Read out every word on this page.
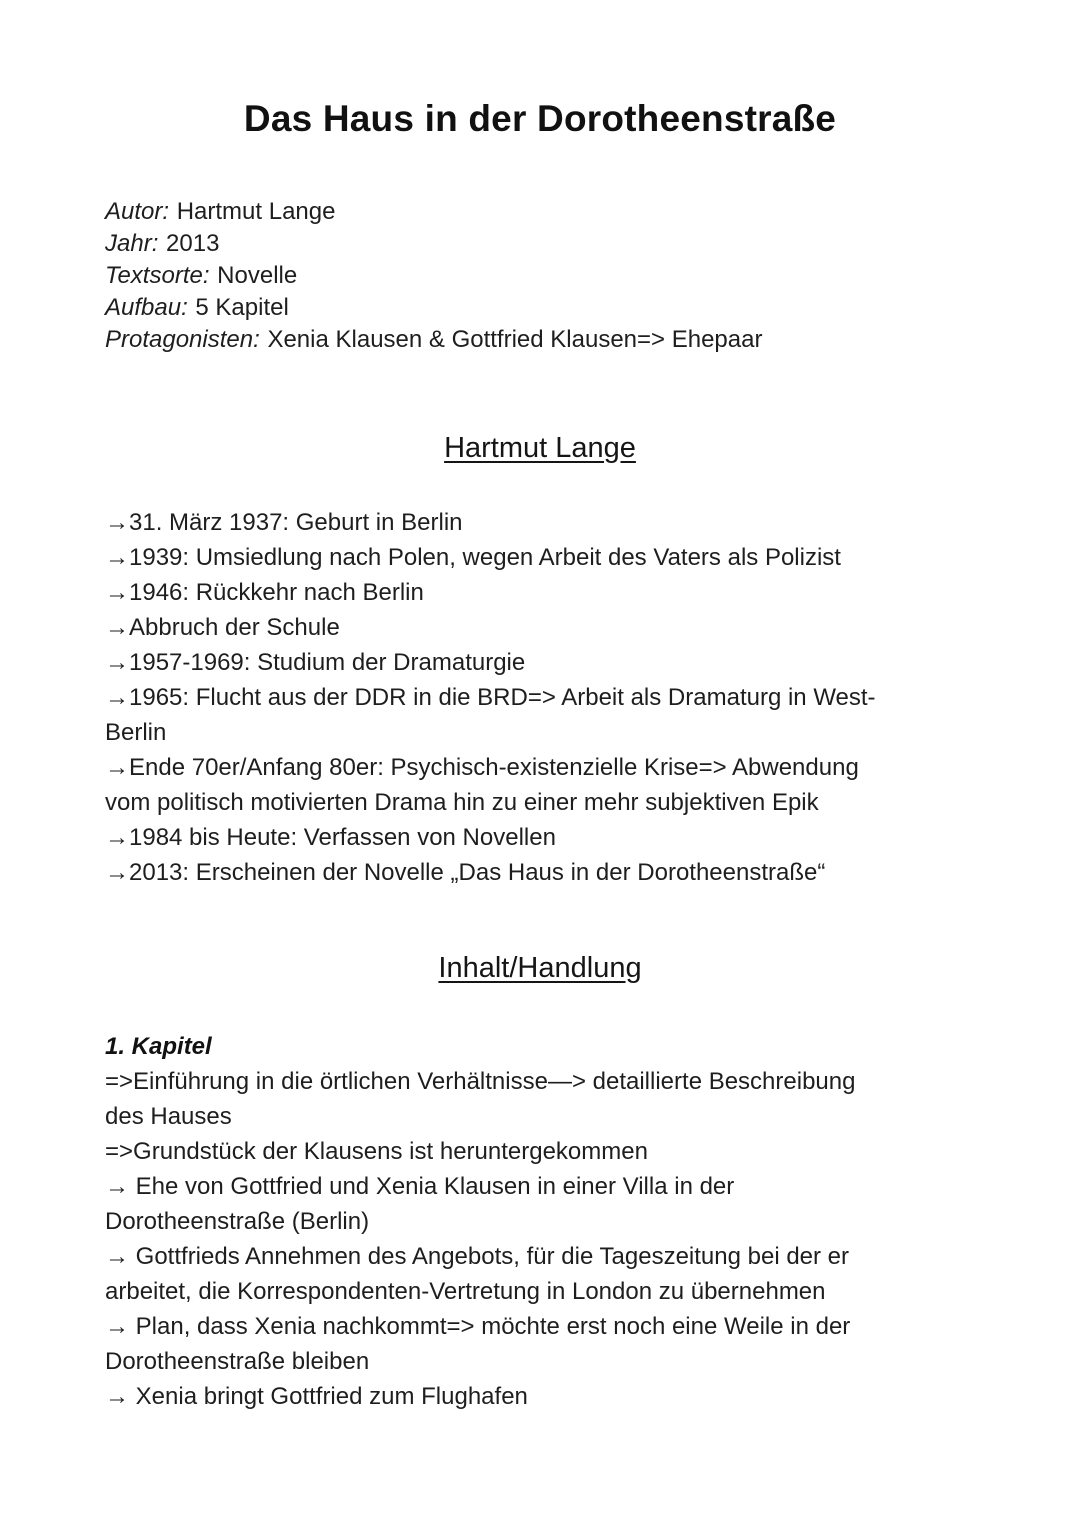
Das Haus in der Dorotheenstraße
Autor: Hartmut Lange
Jahr: 2013
Textsorte: Novelle
Aufbau: 5 Kapitel
Protagonisten: Xenia Klausen & Gottfried Klausen=> Ehepaar
Hartmut Lange
→31. März 1937: Geburt in Berlin
→1939: Umsiedlung nach Polen, wegen Arbeit des Vaters als Polizist
→1946: Rückkehr nach Berlin
→Abbruch der Schule
→1957-1969: Studium der Dramaturgie
→1965: Flucht aus der DDR in die BRD=> Arbeit als Dramaturg in West-
Berlin
→Ende 70er/Anfang 80er: Psychisch-existenzielle Krise=> Abwendung
vom politisch motivierten Drama hin zu einer mehr subjektiven Epik
→1984 bis Heute: Verfassen von Novellen
→2013: Erscheinen der Novelle „Das Haus in der Dorotheenstraße“
Inhalt/Handlung
1. Kapitel
=>Einführung in die örtlichen Verhältnisse—> detaillierte Beschreibung
des Hauses
=>Grundstück der Klausens ist heruntergekommen
→ Ehe von Gottfried und Xenia Klausen in einer Villa in der
Dorotheenstraße (Berlin)
→ Gottfrieds Annehmen des Angebots, für die Tageszeitung bei der er
arbeitet, die Korrespondenten-Vertretung in London zu übernehmen
→ Plan, dass Xenia nachkommt=> möchte erst noch eine Weile in der
Dorotheenstraße bleiben
→ Xenia bringt Gottfried zum Flughafen
